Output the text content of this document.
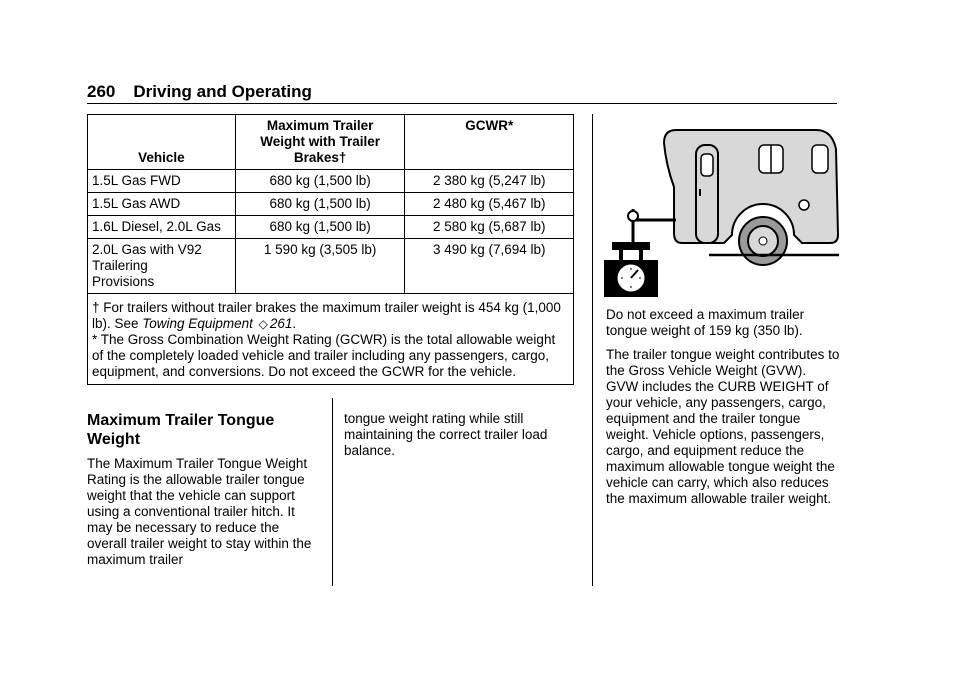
260 Driving and Operating
Vehicle	Maximum Trailer Weight with Trailer Brakes†	GCWR*
1.5L Gas FWD	680 kg (1,500 lb)	2 380 kg (5,247 lb)
1.5L Gas AWD	680 kg (1,500 lb)	2 480 kg (5,467 lb)
1.6L Diesel, 2.0L Gas	680 kg (1,500 lb)	2 580 kg (5,687 lb)
2.0L Gas with V92 Trailering Provisions	1 590 kg (3,505 lb)	3 490 kg (7,694 lb)

† For trailers without trailer brakes the maximum trailer weight is 454 kg (1,000 lb). See Towing Equipment ◇ 261.
* The Gross Combination Weight Rating (GCWR) is the total allowable weight of the completely loaded vehicle and trailer including any passengers, cargo, equipment, and conversions. Do not exceed the GCWR for the vehicle.		
Maximum Trailer Tongue Weight
The Maximum Trailer Tongue Weight Rating is the allowable trailer tongue weight that the vehicle can support using a conventional trailer hitch. It may be necessary to reduce the overall trailer weight to stay within the maximum trailer
tongue weight rating while still maintaining the correct trailer load balance.
Do not exceed a maximum trailer tongue weight of 159 kg (350 lb).
The trailer tongue weight contributes to the Gross Vehicle Weight (GVW). GVW includes the CURB WEIGHT of your vehicle, any passengers, cargo, equipment and the trailer tongue weight. Vehicle options, passengers, cargo, and equipment reduce the maximum allowable tongue weight the vehicle can carry, which also reduces the maximum allowable trailer weight.
